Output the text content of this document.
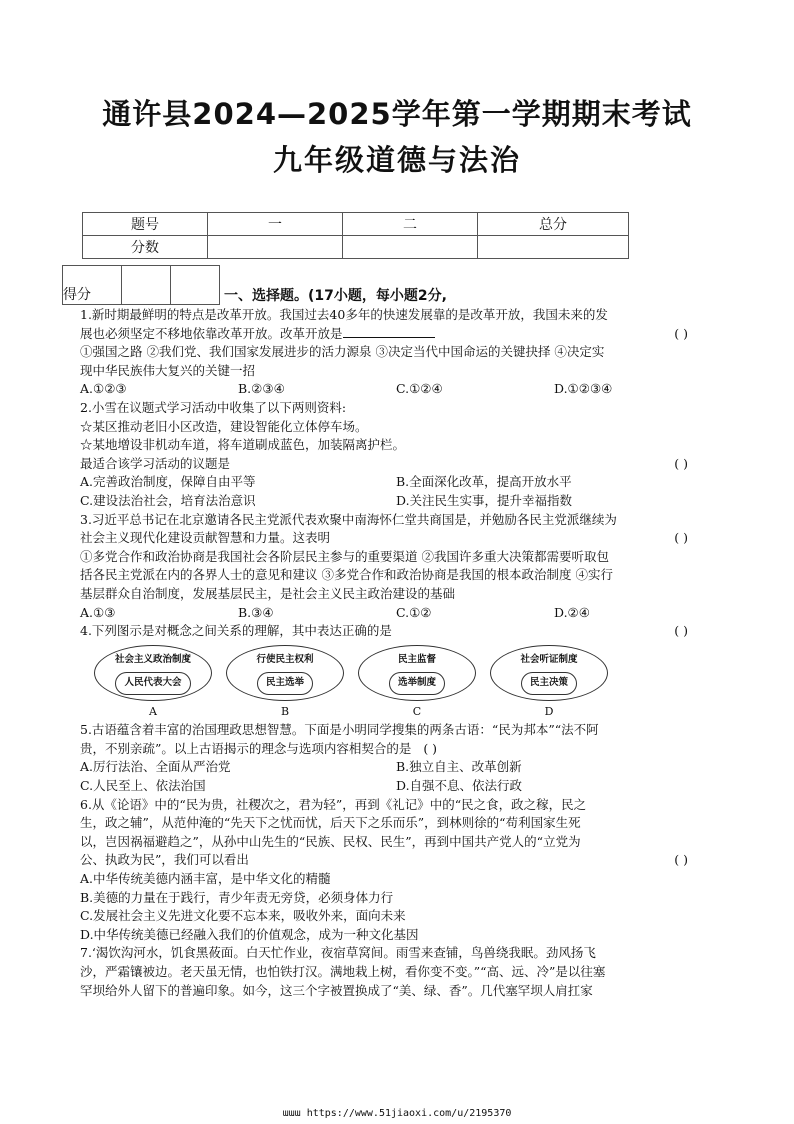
通许县2024—2025学年第一学期期末考试
九年级道德与法治
题号	一	二	总分
分数			
得分			一、选择题。(17小题，每小题2分,

1.新时期最鲜明的特点是改革开放。我国过去40多年的快速发展靠的是改革开放，我国未来的发

展也必须坚定不移地依靠改革开放。改革开放是	( )

①强国之路 ②我们党、我们国家发展进步的活力源泉 ③决定当代中国命运的关键抉择 ④决定实

现中华民族伟大复兴的关键一招

A.①②③	B.②③④	C.①②④	D.①②③④

2.小雪在议题式学习活动中收集了以下两则资料:

☆某区推动老旧小区改造，建设智能化立体停车场。

☆某地增设非机动车道，将车道刷成蓝色，加装隔离护栏。

最适合该学习活动的议题是	( )

A.完善政治制度，保障自由平等	B.全面深化改革，提高开放水平

C.建设法治社会，培育法治意识	D.关注民生实事，提升幸福指数

3.习近平总书记在北京邀请各民主党派代表欢聚中南海怀仁堂共商国是，并勉励各民主党派继续为

社会主义现代化建设贡献智慧和力量。这表明	( )

①多党合作和政治协商是我国社会各阶层民主参与的重要渠道 ②我国许多重大决策都需要听取包

括各民主党派在内的各界人士的意见和建议 ③多党合作和政治协商是我国的根本政治制度 ④实行

基层群众自治制度，发展基层民主，是社会主义民主政治建设的基础

A.①③	B.③④	C.①②	D.②④

4.下列图示是对概念之间关系的理解，其中表达正确的是	( )

社会主义政治制度
人民代表大会
A
行使民主权利
民主选举
B
民主监督
选举制度
C
社会听证制度
民主决策
D

5.古语蕴含着丰富的治国理政思想智慧。下面是小明同学搜集的两条古语：“民为邦本”“法不阿

贵，不别亲疏”。以上古语揭示的理念与选项内容相契合的是 ( )

A.厉行法治、全面从严治党	B.独立自主、改革创新

C.人民至上、依法治国	D.自强不息、依法行政

6.从《论语》中的“民为贵，社稷次之，君为轻”，再到《礼记》中的“民之食，政之稼，民之

生，政之辅”，从范仲淹的“先天下之忧而忧，后天下之乐而乐”，到林则徐的“苟利国家生死

以，岂因祸福避趋之”，从孙中山先生的“民族、民权、民生”，再到中国共产党人的“立党为

公、执政为民”，我们可以看出	( )

A.中华传统美德内涵丰富，是中华文化的精髓

B.美德的力量在于践行，青少年责无旁贷，必须身体力行

C.发展社会主义先进文化要不忘本来，吸收外来，面向未来

D.中华传统美德已经融入我们的价值观念，成为一种文化基因

7.‘渴饮沟河水，饥食黑莜面。白天忙作业，夜宿草窝间。雨雪来查铺，鸟兽绕我眠。劲风扬飞

沙，严霜镶被边。老天虽无情，也怕铁打汉。满地栽上树，看你变不变。”“高、远、冷”是以往塞

罕坝给外人留下的普遍印象。如今，这三个字被置换成了“美、绿、香”。几代塞罕坝人肩扛家

ɯɯɯ https://www.51jiaoxi.com/u/2195370
